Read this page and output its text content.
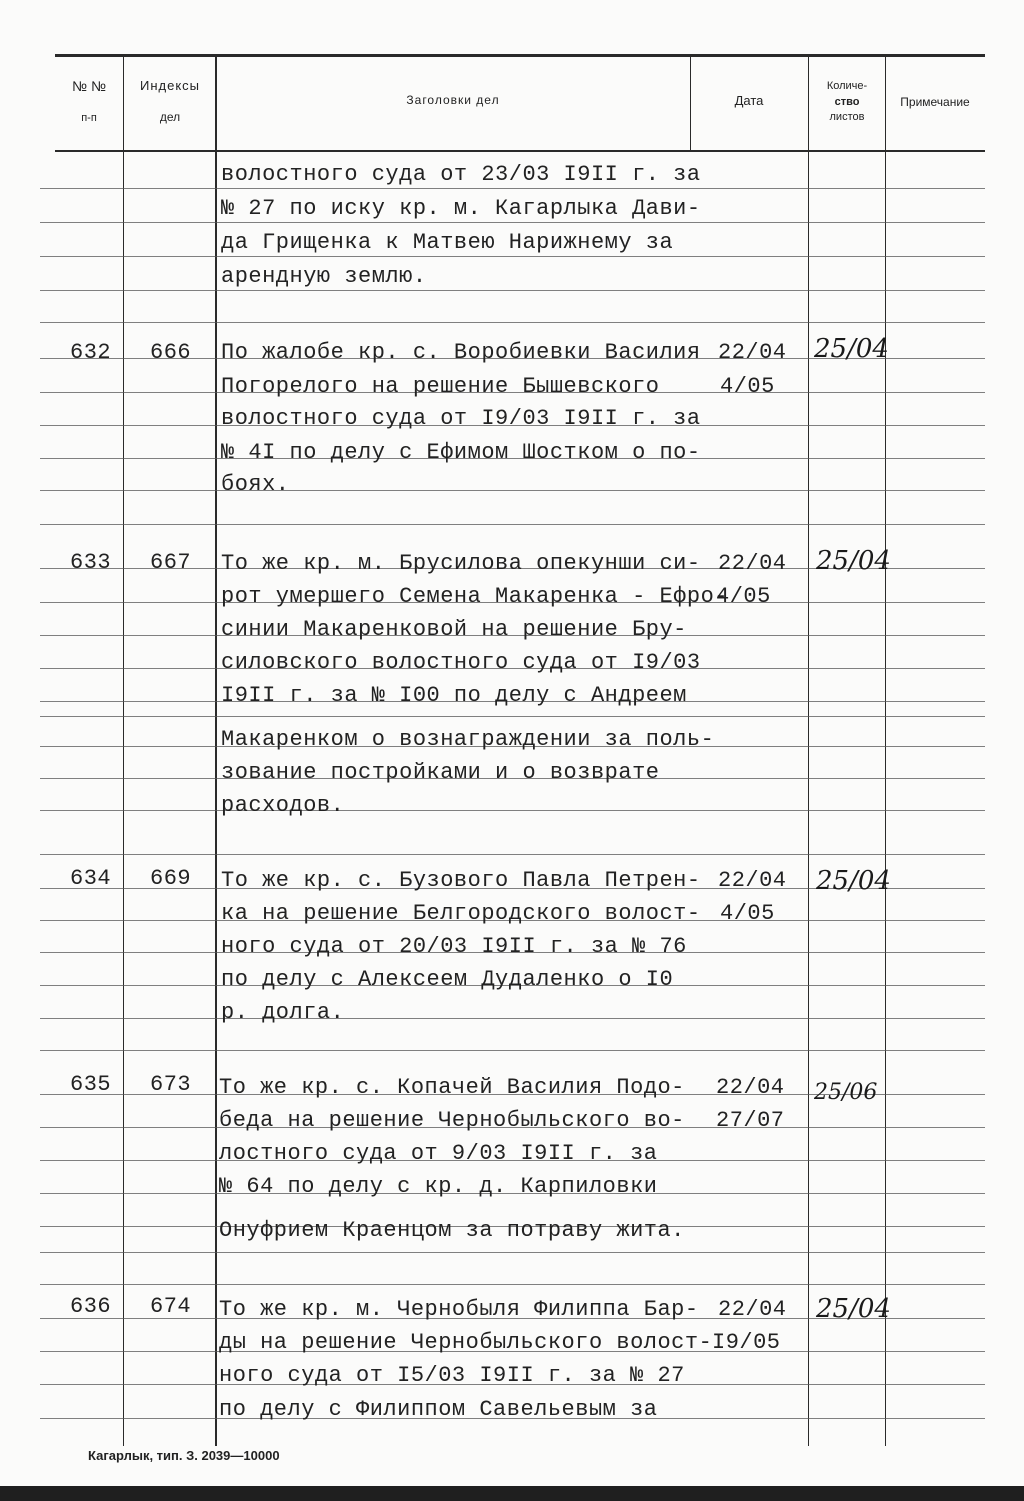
№ №
п-п
Индексы
дел
Заголовки дел	Дата
Количе-
ство
листов
Примечание
волостного суда от 23/03 I9II г. за
№ 27 по иску кр. м. Кагарлыка Дави-
да Грищенка к Матвею Нарижнему за
арендную землю.
632 666 По жалобе кр. с. Воробиевки Василия
Погорелого на решение Бышевского
волостного суда от I9/03 I9II г. за
№ 4I по делу с Ефимом Шостком о по-
боях.
22/04
4/05
25/04
633 667 То же кр. м. Брусилова опекунши си-
рот умершего Семена Макаренка - Ефро-
синии Макаренковой на решение Бру-
силовского волостного суда от I9/03
I9II г. за № I00 по делу с Андреем
Макаренком о вознаграждении за поль-
зование постройками и о возврате
расходов.
22/04
4/05
25/04
634 669 То же кр. с. Бузового Павла Петрен-
ка на решение Белгородского волост-
ного суда от 20/03 I9II г. за № 76
по делу с Алексеем Дудаленко о I0
р. долга.
22/04
4/05
25/04
635 673 То же кр. с. Копачей Василия Подо-
беда на решение Чернобыльского во-
лостного суда от 9/03 I9II г. за
№ 64 по делу с кр. д. Карпиловки
Онуфрием Краенцом за потраву жита.
22/04
27/07
25/06
636 674 То же кр. м. Чернобыля Филиппа Бар-
ды на решение Чернобыльского волост-
ного суда от I5/03 I9II г. за № 27
по делу с Филиппом Савельевым за
22/04
I9/05
25/04
Кагарлык, тип. З. 2039—10000
